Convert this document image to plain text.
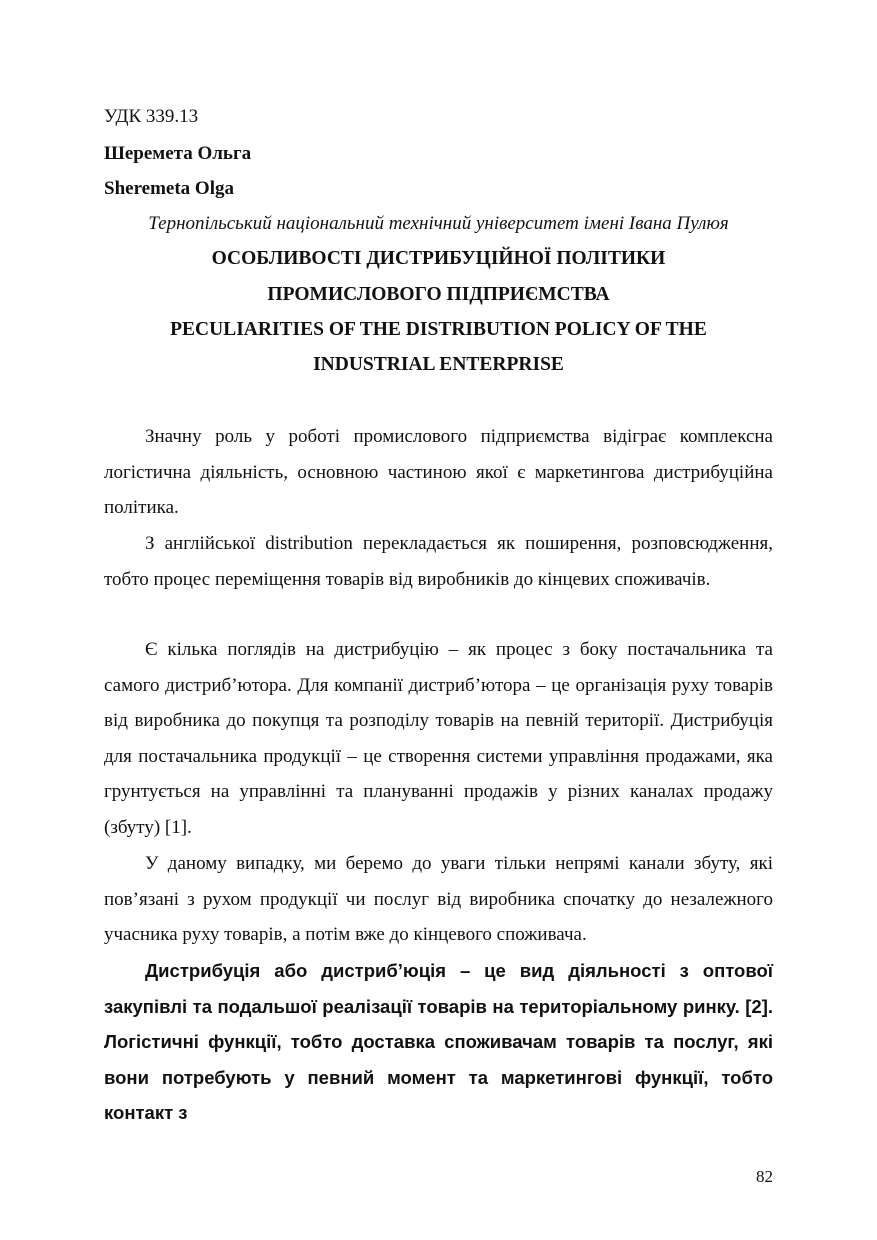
УДК 339.13
Шеремета Ольга
Sheremeta Olga
Тернопільський національний технічний університет імені Івана Пулюя
ОСОБЛИВОСТІ ДИСТРИБУЦІЙНОЇ ПОЛІТИКИ
ПРОМИСЛОВОГО ПІДПРИЄМСТВА
PECULIARITIES OF THE DISTRIBUTION POLICY OF THE
INDUSTRIAL ENTERPRISE

Значну роль у роботі промислового підприємства відіграє комплексна логістична діяльність, основною частиною якої є маркетингова дистрибуційна політика.

З англійської distribution перекладається як поширення, розповсюдження, тобто процес переміщення товарів від виробників до кінцевих споживачів.

Є кілька поглядів на дистрибуцію – як процес з боку постачальника та самого дистриб’ютора. Для компанії дистриб’ютора – це організація руху товарів від виробника до покупця та розподілу товарів на певній території. Дистрибуція для постачальника продукції – це створення системи управління продажами, яка грунтується на управлінні та плануванні продажів у різних каналах продажу (збуту) [1].

У даному випадку, ми беремо до уваги тільки непрямі канали збуту, які пов’язані з рухом продукції чи послуг від виробника спочатку до незалежного учасника руху товарів, а потім вже до кінцевого споживача.

Дистрибуція або дистриб’юція – це вид діяльності з оптової закупівлі та подальшої реалізації товарів на територіальному ринку. [2]. Логістичні функції, тобто доставка споживачам товарів та послуг, які вони потребують у певний момент та маркетингові функції, тобто контакт з

82
